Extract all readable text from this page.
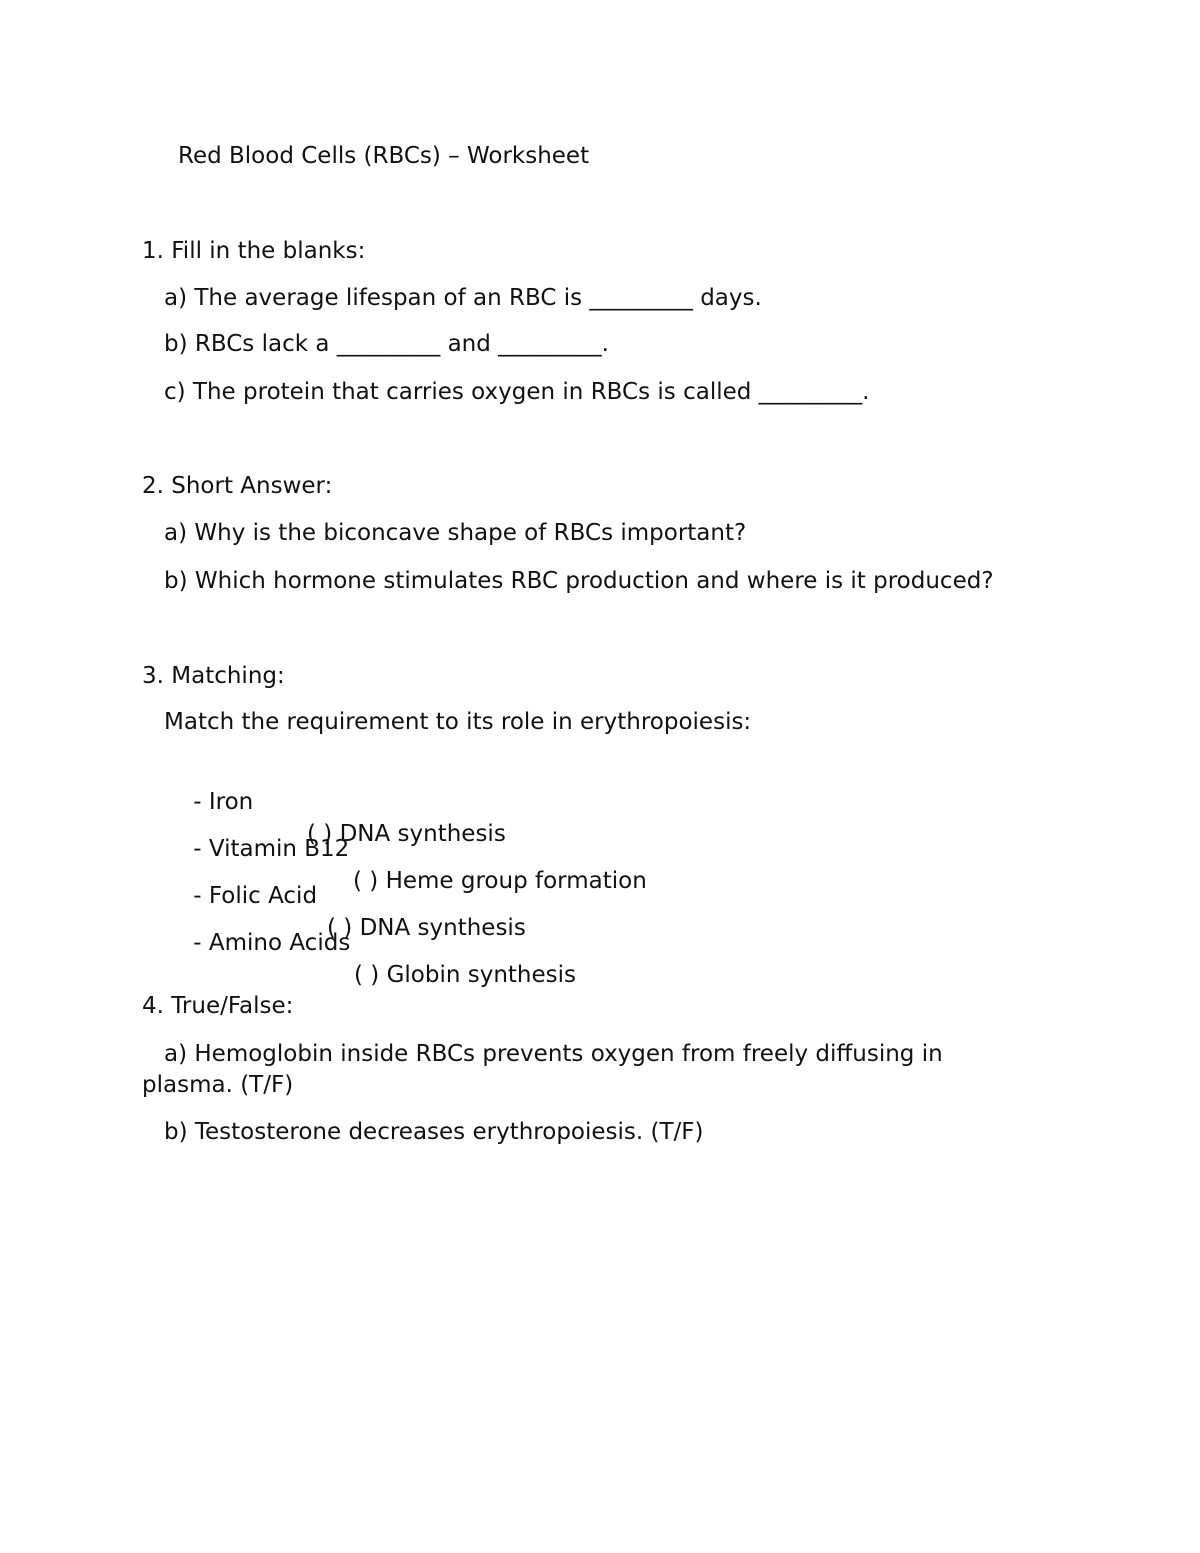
Red Blood Cells (RBCs) – Worksheet
1. Fill in the blanks:
a) The average lifespan of an RBC is _________ days.
b) RBCs lack a _________ and _________.
c) The protein that carries oxygen in RBCs is called _________.
2. Short Answer:
a) Why is the biconcave shape of RBCs important?
b) Which hormone stimulates RBC production and where is it produced?
3. Matching:
Match the requirement to its role in erythropoiesis:

- Iron

( ) DNA synthesis

- Vitamin B12

( ) Heme group formation

- Folic Acid

( ) DNA synthesis

- Amino Acids

( ) Globin synthesis

4. True/False:
a) Hemoglobin inside RBCs prevents oxygen from freely diffusing in
plasma. (T/F)
b) Testosterone decreases erythropoiesis. (T/F)
